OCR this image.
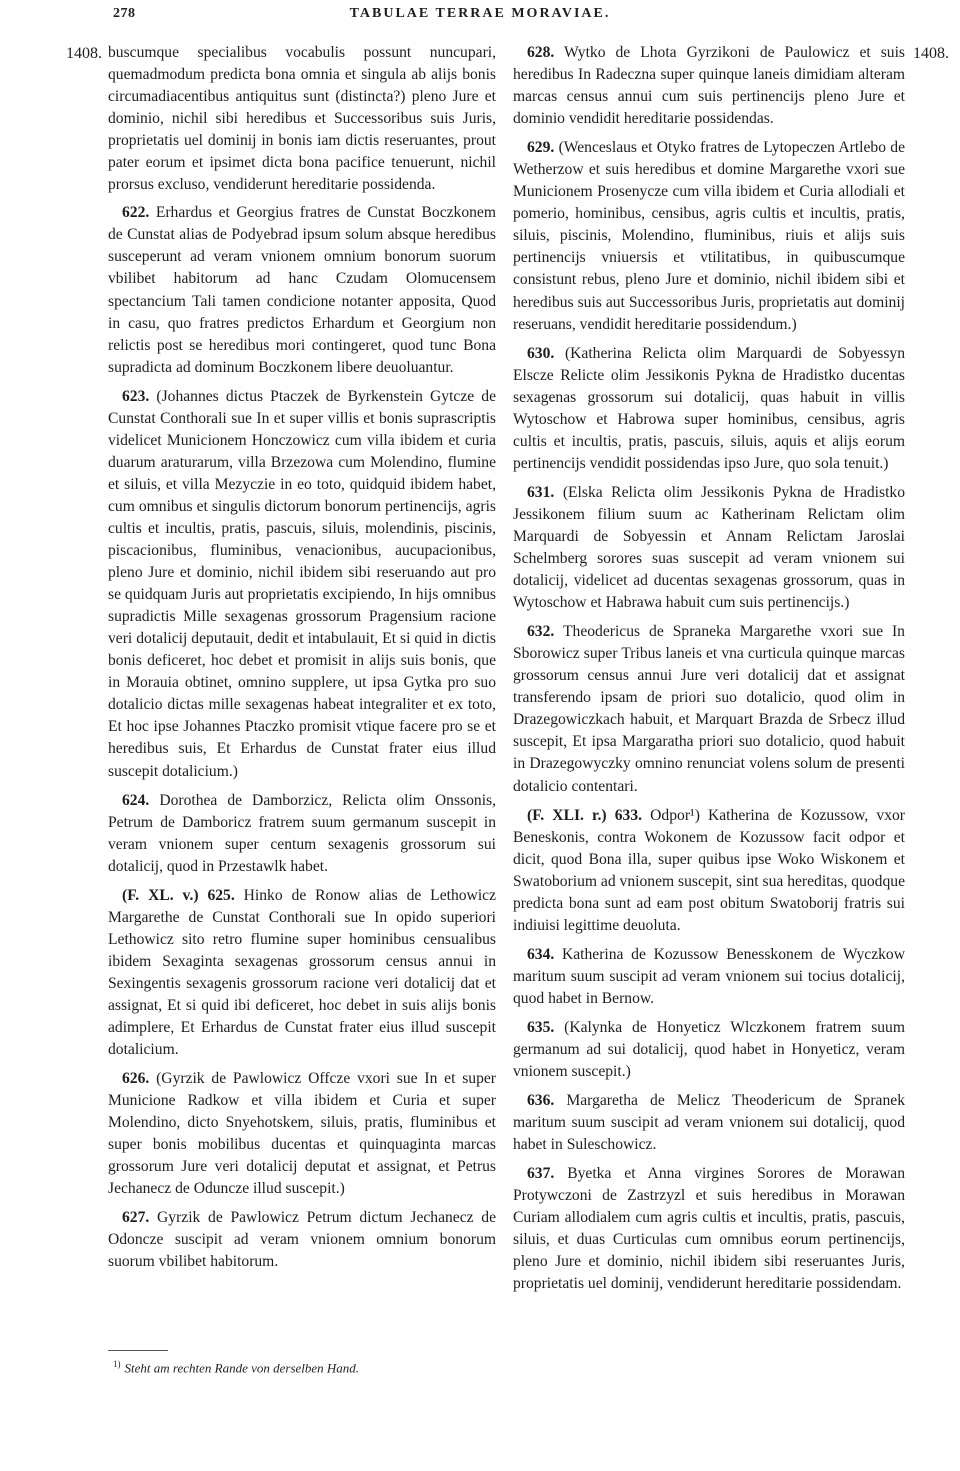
278	TABULAE TERRAE MORAVIAE.
1408.	1408.

buscumque specialibus vocabulis possunt nuncupari, quemadmodum predicta bona omnia et singula ab alijs bonis circumadiacentibus antiquitus sunt (distincta?) pleno Jure et dominio, nichil sibi heredibus et Successoribus suis Juris, proprietatis uel dominij in bonis iam dictis reseruantes, prout pater eorum et ipsimet dicta bona pacifice tenuerunt, nichil prorsus excluso, vendiderunt hereditarie possidenda.

622. Erhardus et Georgius fratres de Cunstat Boczkonem de Cunstat alias de Podyebrad ipsum solum absque heredibus susceperunt ad veram vnionem omnium bonorum suorum vbilibet habitorum ad hanc Czudam Olomucensem spectancium Tali tamen condicione notanter apposita, Quod in casu, quo fratres predictos Erhardum et Georgium non relictis post se heredibus mori contingeret, quod tunc Bona supradicta ad dominum Boczkonem libere deuoluantur.

623. (Johannes dictus Ptaczek de Byrkenstein Gytcze de Cunstat Conthorali sue In et super villis et bonis suprascriptis videlicet Municionem Honczowicz cum villa ibidem et curia duarum araturarum, villa Brzezowa cum Molendino, flumine et siluis, et villa Mezyczie in eo toto, quidquid ibidem habet, cum omnibus et singulis dictorum bonorum pertinencijs, agris cultis et incultis, pratis, pascuis, siluis, molendinis, piscinis, piscacionibus, fluminibus, venacionibus, aucupacionibus, pleno Jure et dominio, nichil ibidem sibi reseruando aut pro se quidquam Juris aut proprietatis excipiendo, In hijs omnibus supradictis Mille sexagenas grossorum Pragensium racione veri dotalicij deputauit, dedit et intabulauit, Et si quid in dictis bonis deficeret, hoc debet et promisit in alijs suis bonis, que in Morauia obtinet, omnino supplere, ut ipsa Gytka pro suo dotalicio dictas mille sexagenas habeat integraliter et ex toto, Et hoc ipse Johannes Ptaczko promisit vtique facere pro se et heredibus suis, Et Erhardus de Cunstat frater eius illud suscepit dotalicium.)

624. Dorothea de Damborzicz, Relicta olim Onssonis, Petrum de Damboricz fratrem suum germanum suscepit in veram vnionem super centum sexagenis grossorum sui dotalicij, quod in Przestawlk habet.

(F. XL. v.) 625. Hinko de Ronow alias de Lethowicz Margarethe de Cunstat Conthorali sue In opido superiori Lethowicz sito retro flumine super hominibus censualibus ibidem Sexaginta sexagenas grossorum census annui in Sexingentis sexagenis grossorum racione veri dotalicij dat et assignat, Et si quid ibi deficeret, hoc debet in suis alijs bonis adimplere, Et Erhardus de Cunstat frater eius illud suscepit dotalicium.

626. (Gyrzik de Pawlowicz Offcze vxori sue In et super Municione Radkow et villa ibidem et Curia et super Molendino, dicto Snyehotskem, siluis, pratis, fluminibus et super bonis mobilibus ducentas et quinquaginta marcas grossorum Jure veri dotalicij deputat et assignat, et Petrus Jechanecz de Oduncze illud suscepit.)

627. Gyrzik de Pawlowicz Petrum dictum Jechanecz de Odoncze suscipit ad veram vnionem omnium bonorum suorum vbilibet habitorum.

628. Wytko de Lhota Gyrzikoni de Paulowicz et suis heredibus In Radeczna super quinque laneis dimidiam alteram marcas census annui cum suis pertinencijs pleno Jure et dominio vendidit hereditarie possidendas.

629. (Wenceslaus et Otyko fratres de Lytopeczen Artlebo de Wetherzow et suis heredibus et domine Margarethe vxori sue Municionem Prosenycze cum villa ibidem et Curia allodiali et pomerio, hominibus, censibus, agris cultis et incultis, pratis, siluis, piscinis, Molendino, fluminibus, riuis et alijs suis pertinencijs vniuersis et vtilitatibus, in quibuscumque consistunt rebus, pleno Jure et dominio, nichil ibidem sibi et heredibus suis aut Successoribus Juris, proprietatis aut dominij reseruans, vendidit hereditarie possidendum.)

630. (Katherina Relicta olim Marquardi de Sobyessyn Elscze Relicte olim Jessikonis Pykna de Hradistko ducentas sexagenas grossorum sui dotalicij, quas habuit in villis Wytoschow et Habrowa super hominibus, censibus, agris cultis et incultis, pratis, pascuis, siluis, aquis et alijs eorum pertinencijs vendidit possidendas ipso Jure, quo sola tenuit.)

631. (Elska Relicta olim Jessikonis Pykna de Hradistko Jessikonem filium suum ac Katherinam Relictam olim Marquardi de Sobyessin et Annam Relictam Jaroslai Schelmberg sorores suas suscepit ad veram vnionem sui dotalicij, videlicet ad ducentas sexagenas grossorum, quas in Wytoschow et Habrawa habuit cum suis pertinencijs.)

632. Theodericus de Spraneka Margarethe vxori sue In Sborowicz super Tribus laneis et vna curticula quinque marcas grossorum census annui Jure veri dotalicij dat et assignat transferendo ipsam de priori suo dotalicio, quod olim in Drazegowiczkach habuit, et Marquart Brazda de Srbecz illud suscepit, Et ipsa Margaratha priori suo dotalicio, quod habuit in Drazegowyczky omnino renunciat volens solum de presenti dotalicio contentari.

(F. XLI. r.) 633. Odpor¹) Katherina de Kozussow, vxor Beneskonis, contra Wokonem de Kozussow facit odpor et dicit, quod Bona illa, super quibus ipse Woko Wiskonem et Swatoborium ad vnionem suscepit, sint sua hereditas, quodque predicta bona sunt ad eam post obitum Swatoborij fratris sui indiuisi legittime deuoluta.

634. Katherina de Kozussow Benesskonem de Wyczkow maritum suum suscipit ad veram vnionem sui tocius dotalicij, quod habet in Bernow.

635. (Kalynka de Honyeticz Wlczkonem fratrem suum germanum ad sui dotalicij, quod habet in Honyeticz, veram vnionem suscepit.)

636. Margaretha de Melicz Theodericum de Spranek maritum suum suscipit ad veram vnionem sui dotalicij, quod habet in Suleschowicz.

637. Byetka et Anna virgines Sorores de Morawan Protywczoni de Zastrzyzl et suis heredibus in Morawan Curiam allodialem cum agris cultis et incultis, pratis, pascuis, siluis, et duas Curticulas cum omnibus eorum pertinencijs, pleno Jure et dominio, nichil ibidem sibi reseruantes Juris, proprietatis uel dominij, vendiderunt hereditarie possidendam.

$^{1)}$ Steht am rechten Rande von derselben Hand.
